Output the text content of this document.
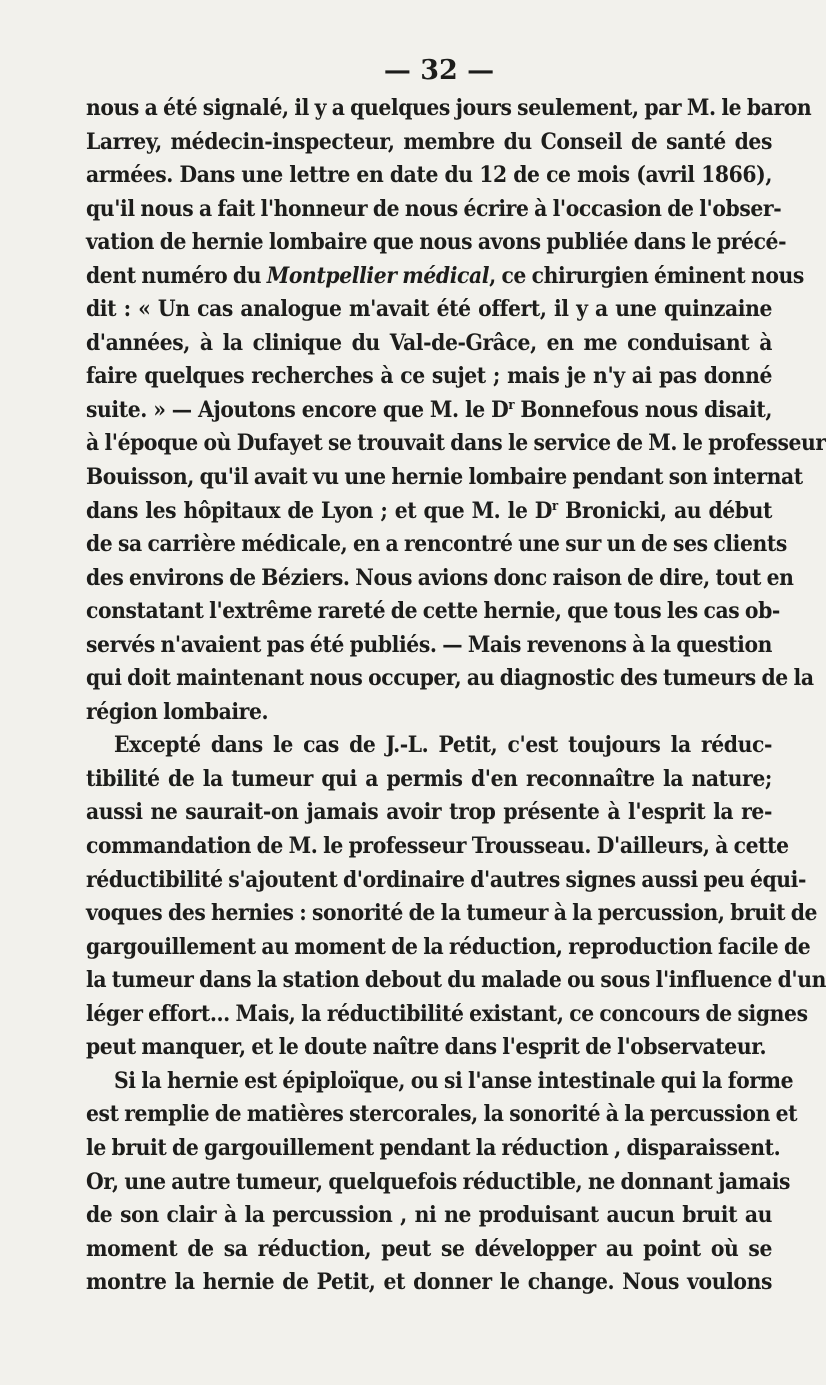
— 32 —
nous a été signalé, il y a quelques jours seulement, par M. le baron
Larrey, médecin-inspecteur, membre du Conseil de santé des
armées. Dans une lettre en date du 12 de ce mois (avril 1866),
qu'il nous a fait l'honneur de nous écrire à l'occasion de l'obser-
vation de hernie lombaire que nous avons publiée dans le précé-
dent numéro du Montpellier médical, ce chirurgien éminent nous
dit : « Un cas analogue m'avait été offert, il y a une quinzaine
d'années, à la clinique du Val-de-Grâce, en me conduisant à
faire quelques recherches à ce sujet ; mais je n'y ai pas donné
suite. » — Ajoutons encore que M. le $D^r$ Bonnefous nous disait,
à l'époque où Dufayet se trouvait dans le service de M. le professeur
Bouisson, qu'il avait vu une hernie lombaire pendant son internat
dans les hôpitaux de Lyon ; et que M. le $D^r$ Bronicki, au début
de sa carrière médicale, en a rencontré une sur un de ses clients
des environs de Béziers. Nous avions donc raison de dire, tout en
constatant l'extrême rareté de cette hernie, que tous les cas ob-
servés n'avaient pas été publiés. — Mais revenons à la question
qui doit maintenant nous occuper, au diagnostic des tumeurs de la
région lombaire.
Excepté dans le cas de J.-L. Petit, c'est toujours la réduc-
tibilité de la tumeur qui a permis d'en reconnaître la nature;
aussi ne saurait-on jamais avoir trop présente à l'esprit la re-
commandation de M. le professeur Trousseau. D'ailleurs, à cette
réductibilité s'ajoutent d'ordinaire d'autres signes aussi peu équi-
voques des hernies : sonorité de la tumeur à la percussion, bruit de
gargouillement au moment de la réduction, reproduction facile de
la tumeur dans la station debout du malade ou sous l'influence d'un
léger effort... Mais, la réductibilité existant, ce concours de signes
peut manquer, et le doute naître dans l'esprit de l'observateur.
Si la hernie est épiploïque, ou si l'anse intestinale qui la forme
est remplie de matières stercorales, la sonorité à la percussion et
le bruit de gargouillement pendant la réduction , disparaissent.
Or, une autre tumeur, quelquefois réductible, ne donnant jamais
de son clair à la percussion , ni ne produisant aucun bruit au
moment de sa réduction, peut se développer au point où se
montre la hernie de Petit, et donner le change. Nous voulons
